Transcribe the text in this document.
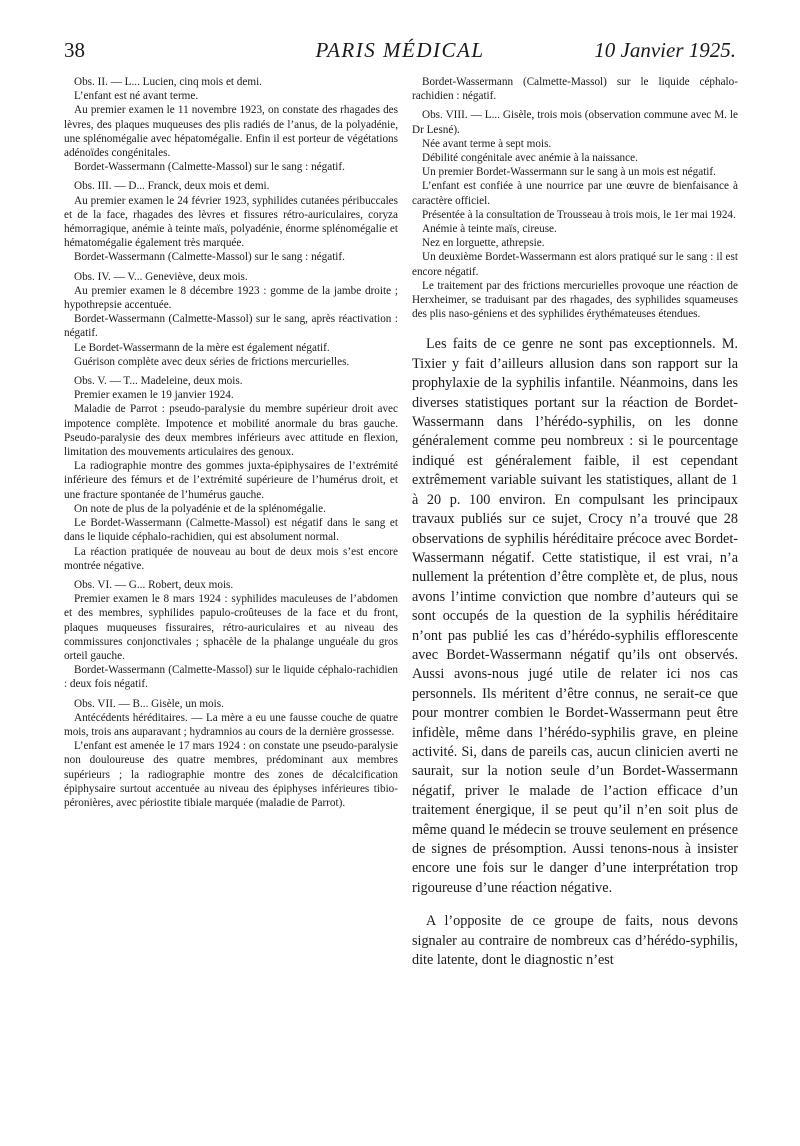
38	PARIS MÉDICAL	10 Janvier 1925.

Obs. II. — L... Lucien, cinq mois et demi.

L’enfant est né avant terme.

Au premier examen le 11 novembre 1923, on constate des rhagades des lèvres, des plaques muqueuses des plis radiés de l’anus, de la polyadénie, une splénomégalie avec hépatomégalie. Enfin il est porteur de végétations adénoïdes congénitales.

Bordet-Wassermann (Calmette-Massol) sur le sang : négatif.

Obs. III. — D... Franck, deux mois et demi.

Au premier examen le 24 février 1923, syphilides cutanées péribuccales et de la face, rhagades des lèvres et fissures rétro-auriculaires, coryza hémorragique, anémie à teinte maïs, polyadénie, énorme splénomégalie et hématomégalie également très marquée.

Bordet-Wassermann (Calmette-Massol) sur le sang : négatif.

Obs. IV. — V... Geneviève, deux mois.

Au premier examen le 8 décembre 1923 : gomme de la jambe droite ; hypothrepsie accentuée.

Bordet-Wassermann (Calmette-Massol) sur le sang, après réactivation : négatif.

Le Bordet-Wassermann de la mère est également négatif.

Guérison complète avec deux séries de frictions mercurielles.

Obs. V. — T... Madeleine, deux mois.

Premier examen le 19 janvier 1924.

Maladie de Parrot : pseudo-paralysie du membre supérieur droit avec impotence complète. Impotence et mobilité anormale du bras gauche. Pseudo-paralysie des deux membres inférieurs avec attitude en flexion, limitation des mouvements articulaires des genoux.

La radiographie montre des gommes juxta-épiphysaires de l’extrémité inférieure des fémurs et de l’extrémité supérieure de l’humérus droit, et une fracture spontanée de l’humérus gauche.

On note de plus de la polyadénie et de la splénomégalie.

Le Bordet-Wassermann (Calmette-Massol) est négatif dans le sang et dans le liquide céphalo-rachidien, qui est absolument normal.

La réaction pratiquée de nouveau au bout de deux mois s’est encore montrée négative.

Obs. VI. — G... Robert, deux mois.

Premier examen le 8 mars 1924 : syphilides maculeuses de l’abdomen et des membres, syphilides papulo-croûteuses de la face et du front, plaques muqueuses fissuraires, rétro-auriculaires et au niveau des commissures conjonctivales ; sphacèle de la phalange unguéale du gros orteil gauche.

Bordet-Wassermann (Calmette-Massol) sur le liquide céphalo-rachidien : deux fois négatif.

Obs. VII. — B... Gisèle, un mois.

Antécédents héréditaires. — La mère a eu une fausse couche de quatre mois, trois ans auparavant ; hydramnios au cours de la dernière grossesse.

L’enfant est amenée le 17 mars 1924 : on constate une pseudo-paralysie non douloureuse des quatre membres, prédominant aux membres supérieurs ; la radiographie montre des zones de décalcification épiphysaire surtout accentuée au niveau des épiphyses inférieures tibio-péronières, avec périostite tibiale marquée (maladie de Parrot).

Bordet-Wassermann (Calmette-Massol) sur le liquide céphalo-rachidien : négatif.

Obs. VIII. — L... Gisèle, trois mois (observation commune avec M. le Dr Lesné).

Née avant terme à sept mois.

Débilité congénitale avec anémie à la naissance.

Un premier Bordet-Wassermann sur le sang à un mois est négatif.

L’enfant est confiée à une nourrice par une œuvre de bienfaisance à caractère officiel.

Présentée à la consultation de Trousseau à trois mois, le 1er mai 1924.

Anémie à teinte maïs, cireuse.

Nez en lorguette, athrepsie.

Un deuxième Bordet-Wassermann est alors pratiqué sur le sang : il est encore négatif.

Le traitement par des frictions mercurielles provoque une réaction de Herxheimer, se traduisant par des rhagades, des syphilides squameuses des plis naso-géniens et des syphilides érythémateuses étendues.

Les faits de ce genre ne sont pas exceptionnels. M. Tixier y fait d’ailleurs allusion dans son rapport sur la prophylaxie de la syphilis infantile. Néanmoins, dans les diverses statistiques portant sur la réaction de Bordet-Wassermann dans l’hérédo-syphilis, on les donne généralement comme peu nombreux : si le pourcentage indiqué est généralement faible, il est cependant extrêmement variable suivant les statistiques, allant de 1 à 20 p. 100 environ. En compulsant les principaux travaux publiés sur ce sujet, Crocy n’a trouvé que 28 observations de syphilis héréditaire précoce avec Bordet-Wassermann négatif. Cette statistique, il est vrai, n’a nullement la prétention d’être complète et, de plus, nous avons l’intime conviction que nombre d’auteurs qui se sont occupés de la question de la syphilis héréditaire n’ont pas publié les cas d’hérédo-syphilis efflorescente avec Bordet-Wassermann négatif qu’ils ont observés. Aussi avons-nous jugé utile de relater ici nos cas personnels. Ils méritent d’être connus, ne serait-ce que pour montrer combien le Bordet-Wassermann peut être infidèle, même dans l’hérédo-syphilis grave, en pleine activité. Si, dans de pareils cas, aucun clinicien averti ne saurait, sur la notion seule d’un Bordet-Wassermann négatif, priver le malade de l’action efficace d’un traitement énergique, il se peut qu’il n’en soit plus de même quand le médecin se trouve seulement en présence de signes de présomption. Aussi tenons-nous à insister encore une fois sur le danger d’une interprétation trop rigoureuse d’une réaction négative.

A l’opposite de ce groupe de faits, nous devons signaler au contraire de nombreux cas d’hérédo-syphilis, dite latente, dont le diagnostic n’est
